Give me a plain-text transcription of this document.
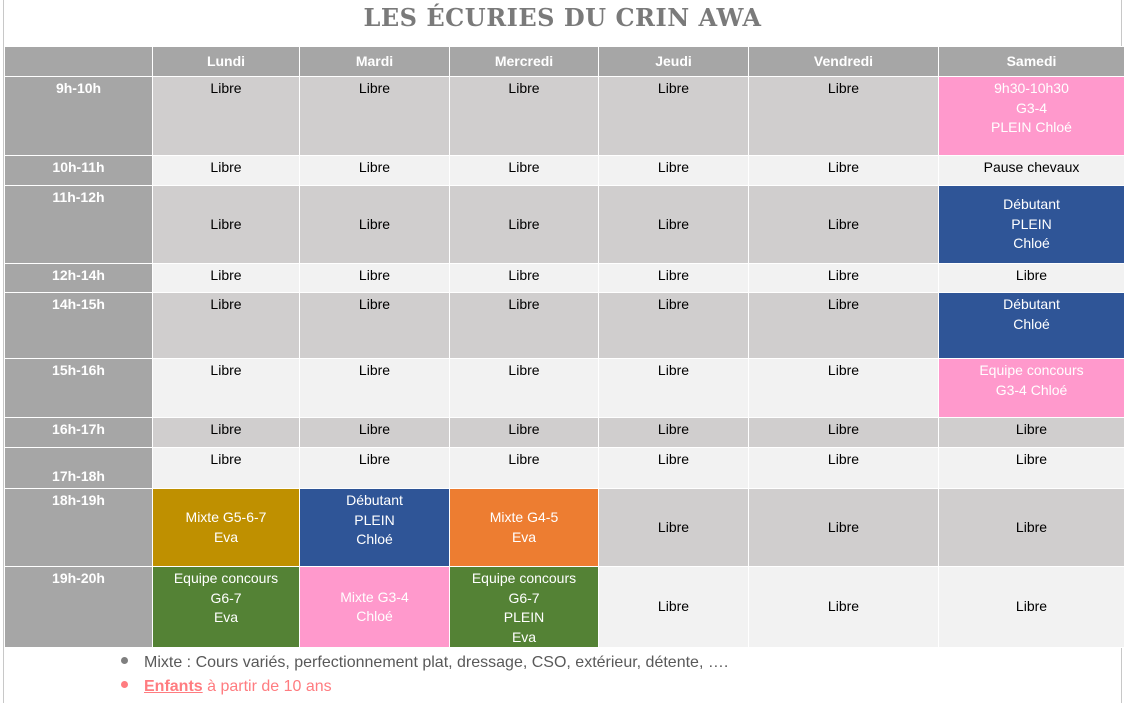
LES ÉCURIES DU CRIN AWA
	Lundi	Mardi	Mercredi	Jeudi	Vendredi	Samedi
9h-10h	Libre	Libre	Libre	Libre	Libre	9h30-10h30
G3-4
PLEIN Chloé

10h-11h	Libre	Libre	Libre	Libre	Libre	Pause chevaux

11h-12h	Libre	Libre	Libre	Libre	Libre	Débutant
PLEIN
Chloé

12h-14h	Libre	Libre	Libre	Libre	Libre	Libre

14h-15h	Libre	Libre	Libre	Libre	Libre	Débutant
Chloé

15h-16h	Libre	Libre	Libre	Libre	Libre	Equipe concours
G3-4 Chloé

16h-17h	Libre	Libre	Libre	Libre	Libre	Libre

17h-18h	Libre	Libre	Libre	Libre	Libre	Libre

18h-19h	Mixte G5-6-7
Eva	Débutant
PLEIN
Chloé	Mixte G4-5
Eva	Libre	Libre	Libre

19h-20h	Equipe concours
G6-7
Eva	Mixte G3-4
Chloé	Equipe concours
G6-7
PLEIN
Eva	Libre	Libre	Libre
Mixte : Cours variés, perfectionnement plat, dressage, CSO, extérieur, détente, ….
Enfants à partir de 10 ans
